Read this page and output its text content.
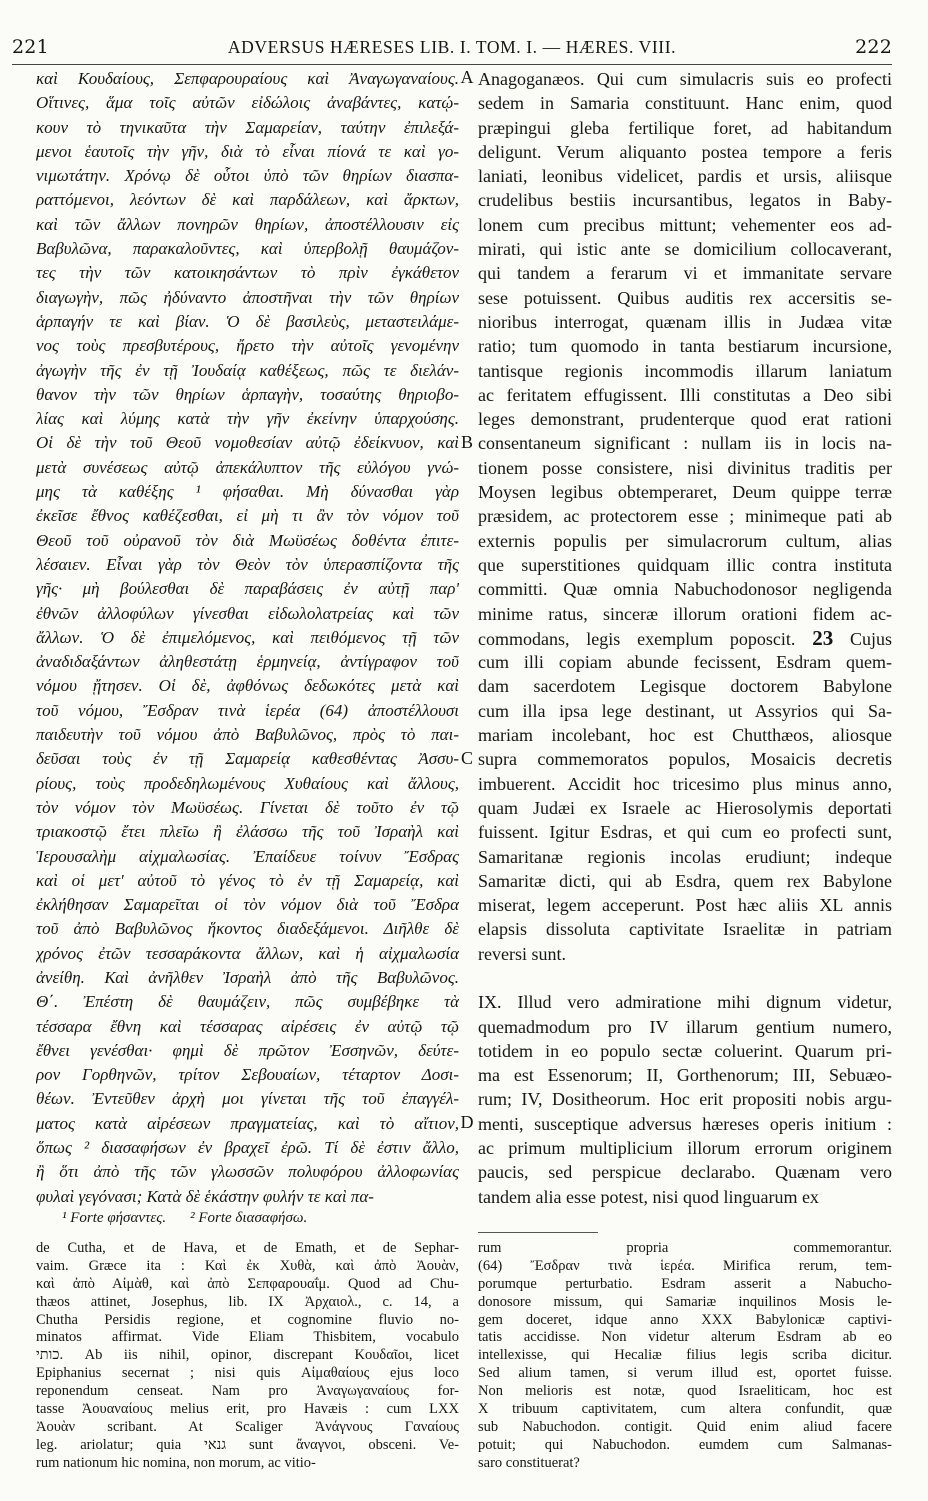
221	ADVERSUS HÆRESES LIB. I. TOM. I. — HÆRES. VIII.	222
καὶ Κουδαίους, Σεπφαρουραίους καὶ Ἀναγωγαναίους.
Οἵτινες, ἅμα τοῖς αὐτῶν εἰδώλοις ἀναβάντες, κατῴ-
κουν τὸ τηνικαῦτα τὴν Σαμαρείαν, ταύτην ἐπιλεξά-
μενοι ἑαυτοῖς τὴν γῆν, διὰ τὸ εἶναι πίονά τε καὶ γο-
νιμωτάτην. Χρόνῳ δὲ οὗτοι ὑπὸ τῶν θηρίων διασπα-
ραττόμενοι, λεόντων δὲ καὶ παρδάλεων, καὶ ἄρκτων,
καὶ τῶν ἄλλων πονηρῶν θηρίων, ἀποστέλλουσιν εἰς
Βαβυλῶνα, παρακαλοῦντες, καὶ ὑπερβολῇ θαυμάζον-
τες τὴν τῶν κατοικησάντων τὸ πρὶν ἐγκάθετον
διαγωγὴν, πῶς ἠδύναντο ἀποστῆναι τὴν τῶν θηρίων
ἁρπαγήν τε καὶ βίαν. Ὁ δὲ βασιλεὺς, μεταστειλάμε-
νος τοὺς πρεσβυτέρους, ἤρετο τὴν αὐτοῖς γενομένην
ἀγωγὴν τῆς ἐν τῇ Ἰουδαίᾳ καθέξεως, πῶς τε διελάν-
θανον τὴν τῶν θηρίων ἁρπαγὴν, τοσαύτης θηριοβο-
λίας καὶ λύμης κατὰ τὴν γῆν ἐκείνην ὑπαρχούσης.
Οἱ δὲ τὴν τοῦ Θεοῦ νομοθεσίαν αὐτῷ ἐδείκνυον, καὶ
μετὰ συνέσεως αὐτῷ ἀπεκάλυπτον τῆς εὐλόγου γνώ-
μης τὰ καθέξης ¹ φήσαθαι. Μὴ δύνασθαι γὰρ
ἐκεῖσε ἔθνος καθέζεσθαι, εἰ μὴ τι ἂν τὸν νόμον τοῦ
Θεοῦ τοῦ οὐρανοῦ τὸν διὰ Μωϋσέως δοθέντα ἐπιτε-
λέσαιεν. Εἶναι γὰρ τὸν Θεὸν τὸν ὑπερασπίζοντα τῆς
γῆς· μὴ βούλεσθαι δὲ παραβάσεις ἐν αὐτῇ παρ'
ἐθνῶν ἀλλοφύλων γίνεσθαι εἰδωλολατρείας καὶ τῶν
ἄλλων. Ὁ δὲ ἐπιμελόμενος, καὶ πειθόμενος τῇ τῶν
ἀναδιδαξάντων ἀληθεστάτῃ ἑρμηνείᾳ, ἀντίγραφον τοῦ
νόμου ᾔτησεν. Οἱ δὲ, ἀφθόνως δεδωκότες μετὰ καὶ
τοῦ νόμου, Ἔσδραν τινὰ ἱερέα (64) ἀποστέλλουσι
παιδευτὴν τοῦ νόμου ἀπὸ Βαβυλῶνος, πρὸς τὸ παι-
δεῦσαι τοὺς ἐν τῇ Σαμαρείᾳ καθεσθέντας Ἀσσυ-
ρίους, τοὺς προδεδηλωμένους Χυθαίους καὶ ἄλλους,
τὸν νόμον τὸν Μωϋσέως. Γίνεται δὲ τοῦτο ἐν τῷ
τριακοστῷ ἔτει πλεῖω ἢ ἐλάσσω τῆς τοῦ Ἰσραὴλ καὶ
Ἱερουσαλὴμ αἰχμαλωσίας. Ἐπαίδευε τοίνυν Ἔσδρας
καὶ οἱ μετ' αὐτοῦ τὸ γένος τὸ ἐν τῇ Σαμαρείᾳ, καὶ
ἐκλήθησαν Σαμαρεῖται οἱ τὸν νόμον διὰ τοῦ Ἔσδρα
τοῦ ἀπὸ Βαβυλῶνος ἥκοντος διαδεξάμενοι. Διῆλθε δὲ
χρόνος ἐτῶν τεσσαράκοντα ἄλλων, καὶ ἡ αἰχμαλωσία
ἀνείθη. Καὶ ἀνῆλθεν Ἰσραὴλ ἀπὸ τῆς Βαβυλῶνος.
Θ΄. Ἐπέστη δὲ θαυμάζειν, πῶς συμβέβηκε τὰ
τέσσαρα ἔθνη καὶ τέσσαρας αἱρέσεις ἐν αὐτῷ τῷ
ἔθνει γενέσθαι· φημὶ δὲ πρῶτον Ἐσσηνῶν, δεύτε-
ρον Γορθηνῶν, τρίτον Σεβουαίων, τέταρτον Δοσι-
θέων. Ἐντεῦθεν ἀρχὴ μοι γίνεται τῆς τοῦ ἐπαγγέλ-
ματος κατὰ αἱρέσεων πραγματείας, καὶ τὸ αἴτιον,
ὅπως ² διασαφήσων ἐν βραχεῖ ἐρῶ. Τί δὲ ἐστιν ἄλλο,
ἢ ὅτι ἀπὸ τῆς τῶν γλωσσῶν πολυφόρου ἀλλοφωνίας
φυλαὶ γεγόνασι; Κατὰ δὲ ἑκάστην φυλήν τε καὶ πα-
Anagoganæos. Qui cum simulacris suis eo profecti
sedem in Samaria constituunt. Hanc enim, quod
præpingui gleba fertilique foret, ad habitandum
deligunt. Verum aliquanto postea tempore a feris
laniati, leonibus videlicet, pardis et ursis, aliisque
crudelibus bestiis incursantibus, legatos in Baby-
lonem cum precibus mittunt; vehementer eos ad-
mirati, qui istic ante se domicilium collocaverant,
qui tandem a ferarum vi et immanitate servare
sese potuissent. Quibus auditis rex accersitis se-
nioribus interrogat, quænam illis in Judæa vitæ
ratio; tum quomodo in tanta bestiarum incursione,
tantisque regionis incommodis illarum laniatum
ac feritatem effugissent. Illi constitutas a Deo sibi
leges demonstrant, prudenterque quod erat rationi
consentaneum significant : nullam iis in locis na-
tionem posse consistere, nisi divinitus traditis per
Moysen legibus obtemperaret, Deum quippe terræ
præsidem, ac protectorem esse ; minimeque pati ab
externis populis per simulacrorum cultum, alias
que superstitiones quidquam illic contra instituta
committi. Quæ omnia Nabuchodonosor negligenda
minime ratus, sinceræ illorum orationi fidem ac-
commodans, legis exemplum poposcit. 23 Cujus
cum illi copiam abunde fecissent, Esdram quem-
dam sacerdotem Legisque doctorem Babylone
cum illa ipsa lege destinant, ut Assyrios qui Sa-
mariam incolebant, hoc est Chutthæos, aliosque
supra commemoratos populos, Mosaicis decretis
imbuerent. Accidit hoc tricesimo plus minus anno,
quam Judæi ex Israele ac Hierosolymis deportati
fuissent. Igitur Esdras, et qui cum eo profecti sunt,
Samaritanæ regionis incolas erudiunt; indeque
Samaritæ dicti, qui ab Esdra, quem rex Babylone
miserat, legem acceperunt. Post hæc aliis XL annis
elapsis dissoluta captivitate Israelitæ in patriam
reversi sunt.
IX. Illud vero admiratione mihi dignum videtur,
quemadmodum pro IV illarum gentium numero,
totidem in eo populo sectæ coluerint. Quarum pri-
ma est Essenorum; II, Gorthenorum; III, Sebuæo-
rum; IV, Dositheorum. Hoc erit propositi nobis argu-
menti, susceptique adversus hæreses operis initium :
ac primum multiplicium illorum errorum originem
paucis, sed perspicue declarabo. Quænam vero
tandem alia esse potest, nisi quod linguarum ex
A
B
C
D
¹ Forte φήσαντες. ² Forte διασαφήσω.
de Cutha, et de Hava, et de Emath, et de Sephar-
vaim. Græce ita : Καὶ ἐκ Χυθὰ, καὶ ἀπὸ Ἀουὰν,
καὶ ἀπὸ Αἰμὰθ, καὶ ἀπὸ Σεπφαρουαΐμ. Quod ad Chu-
thæos attinet, Josephus, lib. IX Ἀρχαιολ., c. 14, a
Chutha Persidis regione, et cognomine fluvio no-
minatos affirmat. Vide Eliam Thisbitem, vocabulo
כותי. Ab iis nihil, opinor, discrepant Κουδαῖοι, licet
Epiphanius secernat ; nisi quis Αἰμαθαίους ejus loco
reponendum censeat. Nam pro Ἀναγωγαναίους for-
tasse Ἀουαναίους melius erit, pro Havæis : cum LXX
Ἀουὰν scribant. At Scaliger Ἀνάγνους Γαναίους
leg. ariolatur; quia גנאי sunt ἄναγνοι, obsceni. Ve-
rum nationum hic nomina, non morum, ac vitio-
rum propria commemorantur.
(64) Ἔσδραν τινὰ ἱερέα. Mirifica rerum, tem-
porumque perturbatio. Esdram asserit a Nabucho-
donosore missum, qui Samariæ inquilinos Mosis le-
gem doceret, idque anno XXX Babylonicæ captivi-
tatis accidisse. Non videtur alterum Esdram ab eo
intellexisse, qui Hecaliæ filius legis scriba dicitur.
Sed alium tamen, si verum illud est, oportet fuisse.
Non melioris est notæ, quod Israeliticam, hoc est
X tribuum captivitatem, cum altera confundit, quæ
sub Nabuchodon. contigit. Quid enim aliud facere
potuit; qui Nabuchodon. eumdem cum Salmanas-
saro constituerat?
